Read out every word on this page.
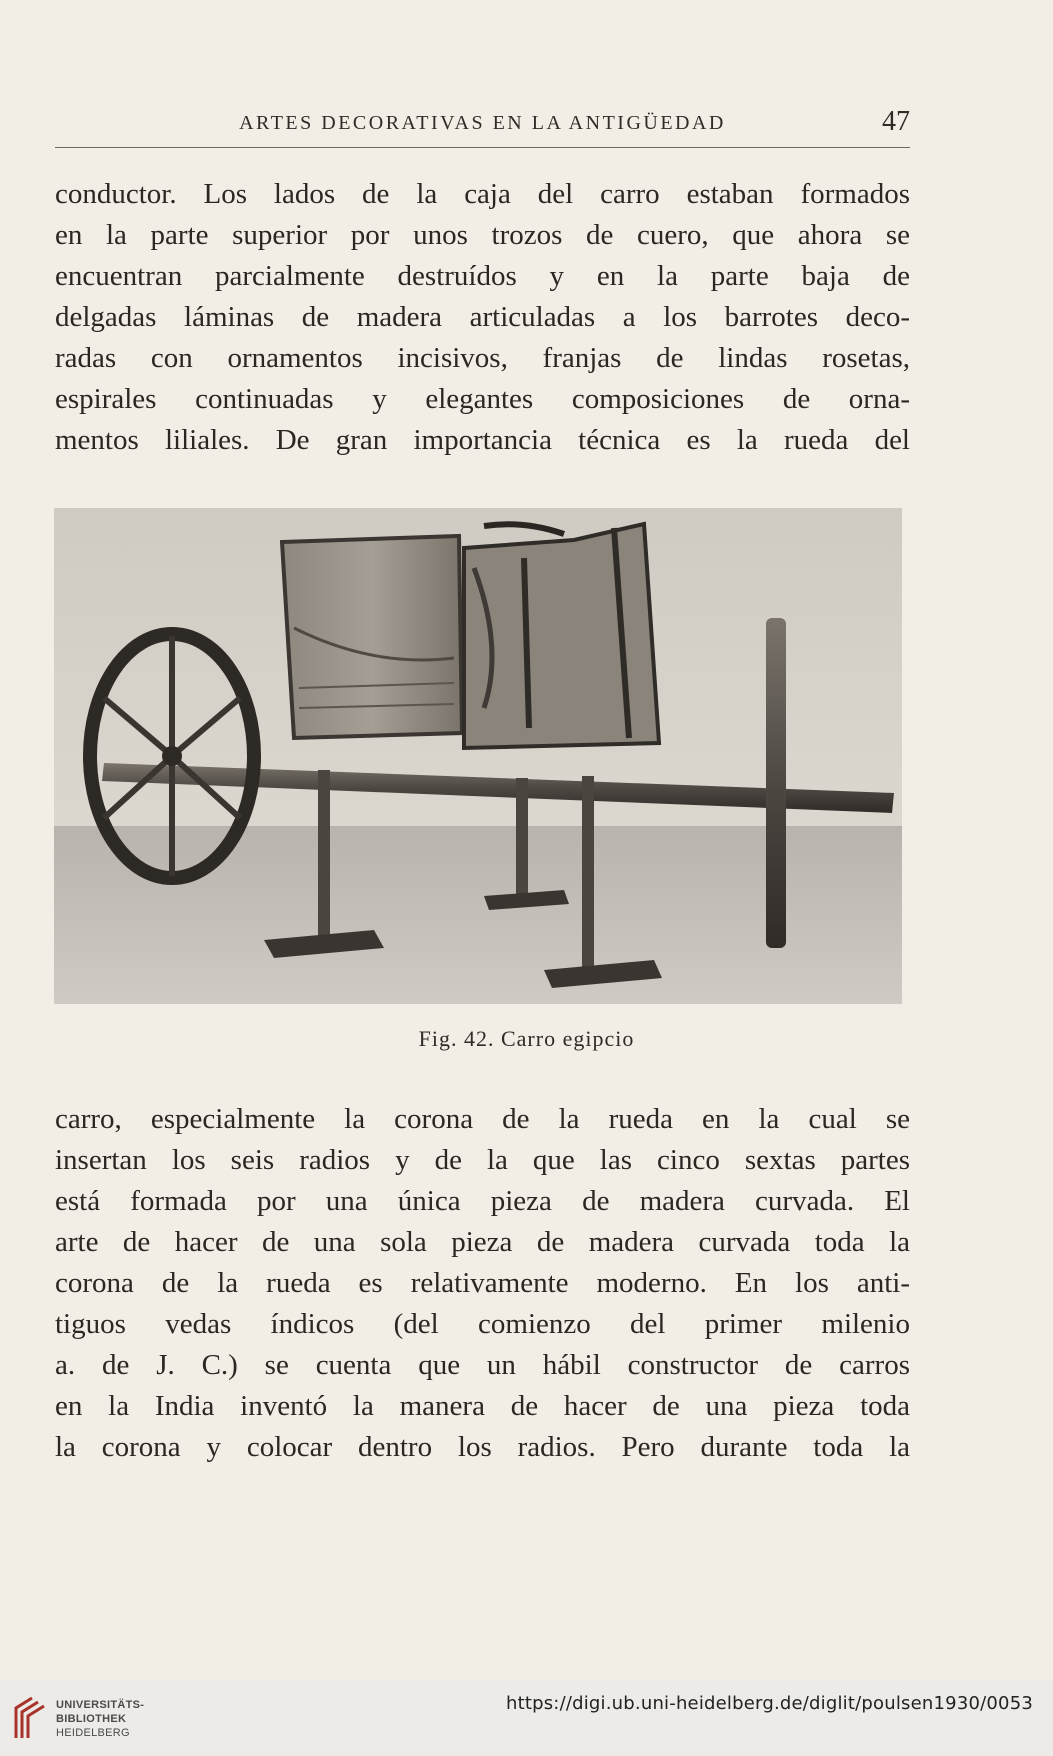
ARTES DECORATIVAS EN LA ANTIGÜEDAD	47
conductor. Los lados de la caja del carro estaban formados
en la parte superior por unos trozos de cuero, que ahora se
encuentran parcialmente destruídos y en la parte baja de
delgadas láminas de madera articuladas a los barrotes deco-
radas con ornamentos incisivos, franjas de lindas rosetas,
espirales continuadas y elegantes composiciones de orna-
mentos liliales. De gran importancia técnica es la rueda del
Fig. 42. Carro egipcio
carro, especialmente la corona de la rueda en la cual se
insertan los seis radios y de la que las cinco sextas partes
está formada por una única pieza de madera curvada. El
arte de hacer de una sola pieza de madera curvada toda la
corona de la rueda es relativamente moderno. En los anti-
tiguos vedas índicos (del comienzo del primer milenio
a. de J. C.) se cuenta que un hábil constructor de carros
en la India inventó la manera de hacer de una pieza toda
la corona y colocar dentro los radios. Pero durante toda la
UNIVERSITÄTS-
BIBLIOTHEK
HEIDELBERG
https://digi.ub.uni-heidelberg.de/diglit/poulsen1930/0053
